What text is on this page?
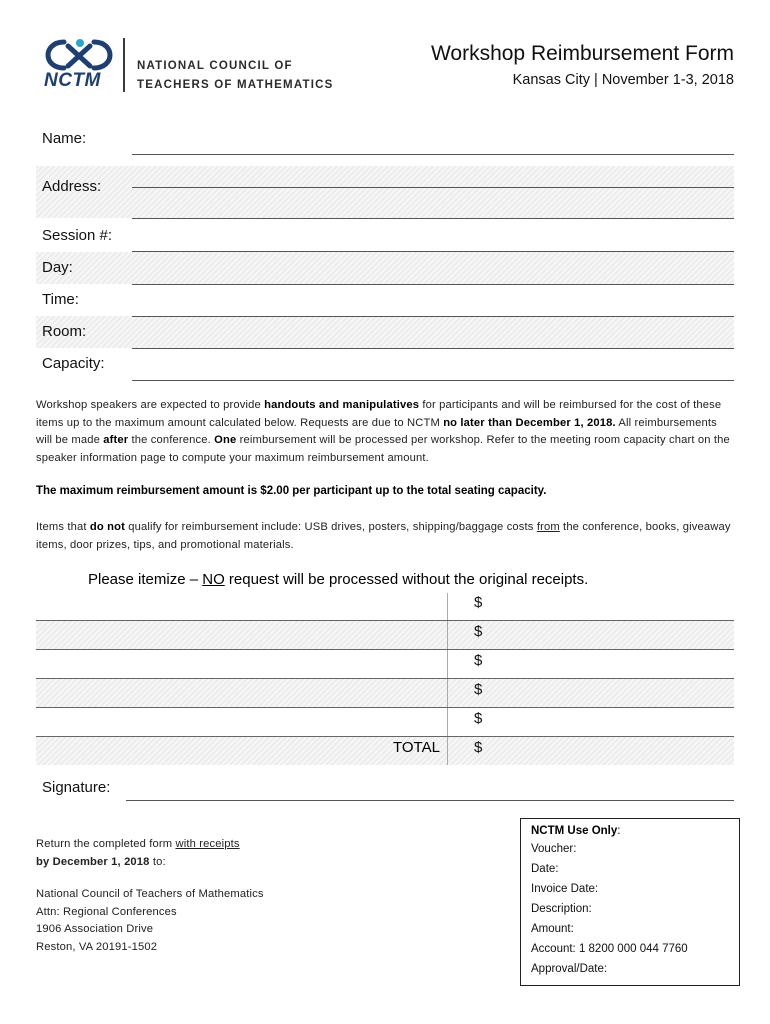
NCTM
NATIONAL COUNCIL OF
TEACHERS OF MATHEMATICS
Workshop Reimbursement Form
Kansas City | November 1-3, 2018
Name:
Address:
Session #:
Day:
Time:
Room:
Capacity:
Workshop speakers are expected to provide handouts and manipulatives for participants and will be reimbursed for the cost of these items up to the maximum amount calculated below. Requests are due to NCTM no later than December 1, 2018. All reimbursements will be made after the conference. One reimbursement will be processed per workshop. Refer to the meeting room capacity chart on the speaker information page to compute your maximum reimbursement amount.
The maximum reimbursement amount is $2.00 per participant up to the total seating capacity.
Items that do not qualify for reimbursement include: USB drives, posters, shipping/baggage costs from the conference, books, giveaway items, door prizes, tips, and promotional materials.
Please itemize – NO request will be processed without the original receipts.
$
$
$
$
$
TOTAL $
Signature:
Return the completed form with receipts
by December 1, 2018 to:
National Council of Teachers of Mathematics
Attn: Regional Conferences
1906 Association Drive
Reston, VA 20191-1502
NCTM Use Only:
Voucher:
Date:
Invoice Date:
Description:
Amount:
Account: 1 8200 000 044 7760
Approval/Date:
